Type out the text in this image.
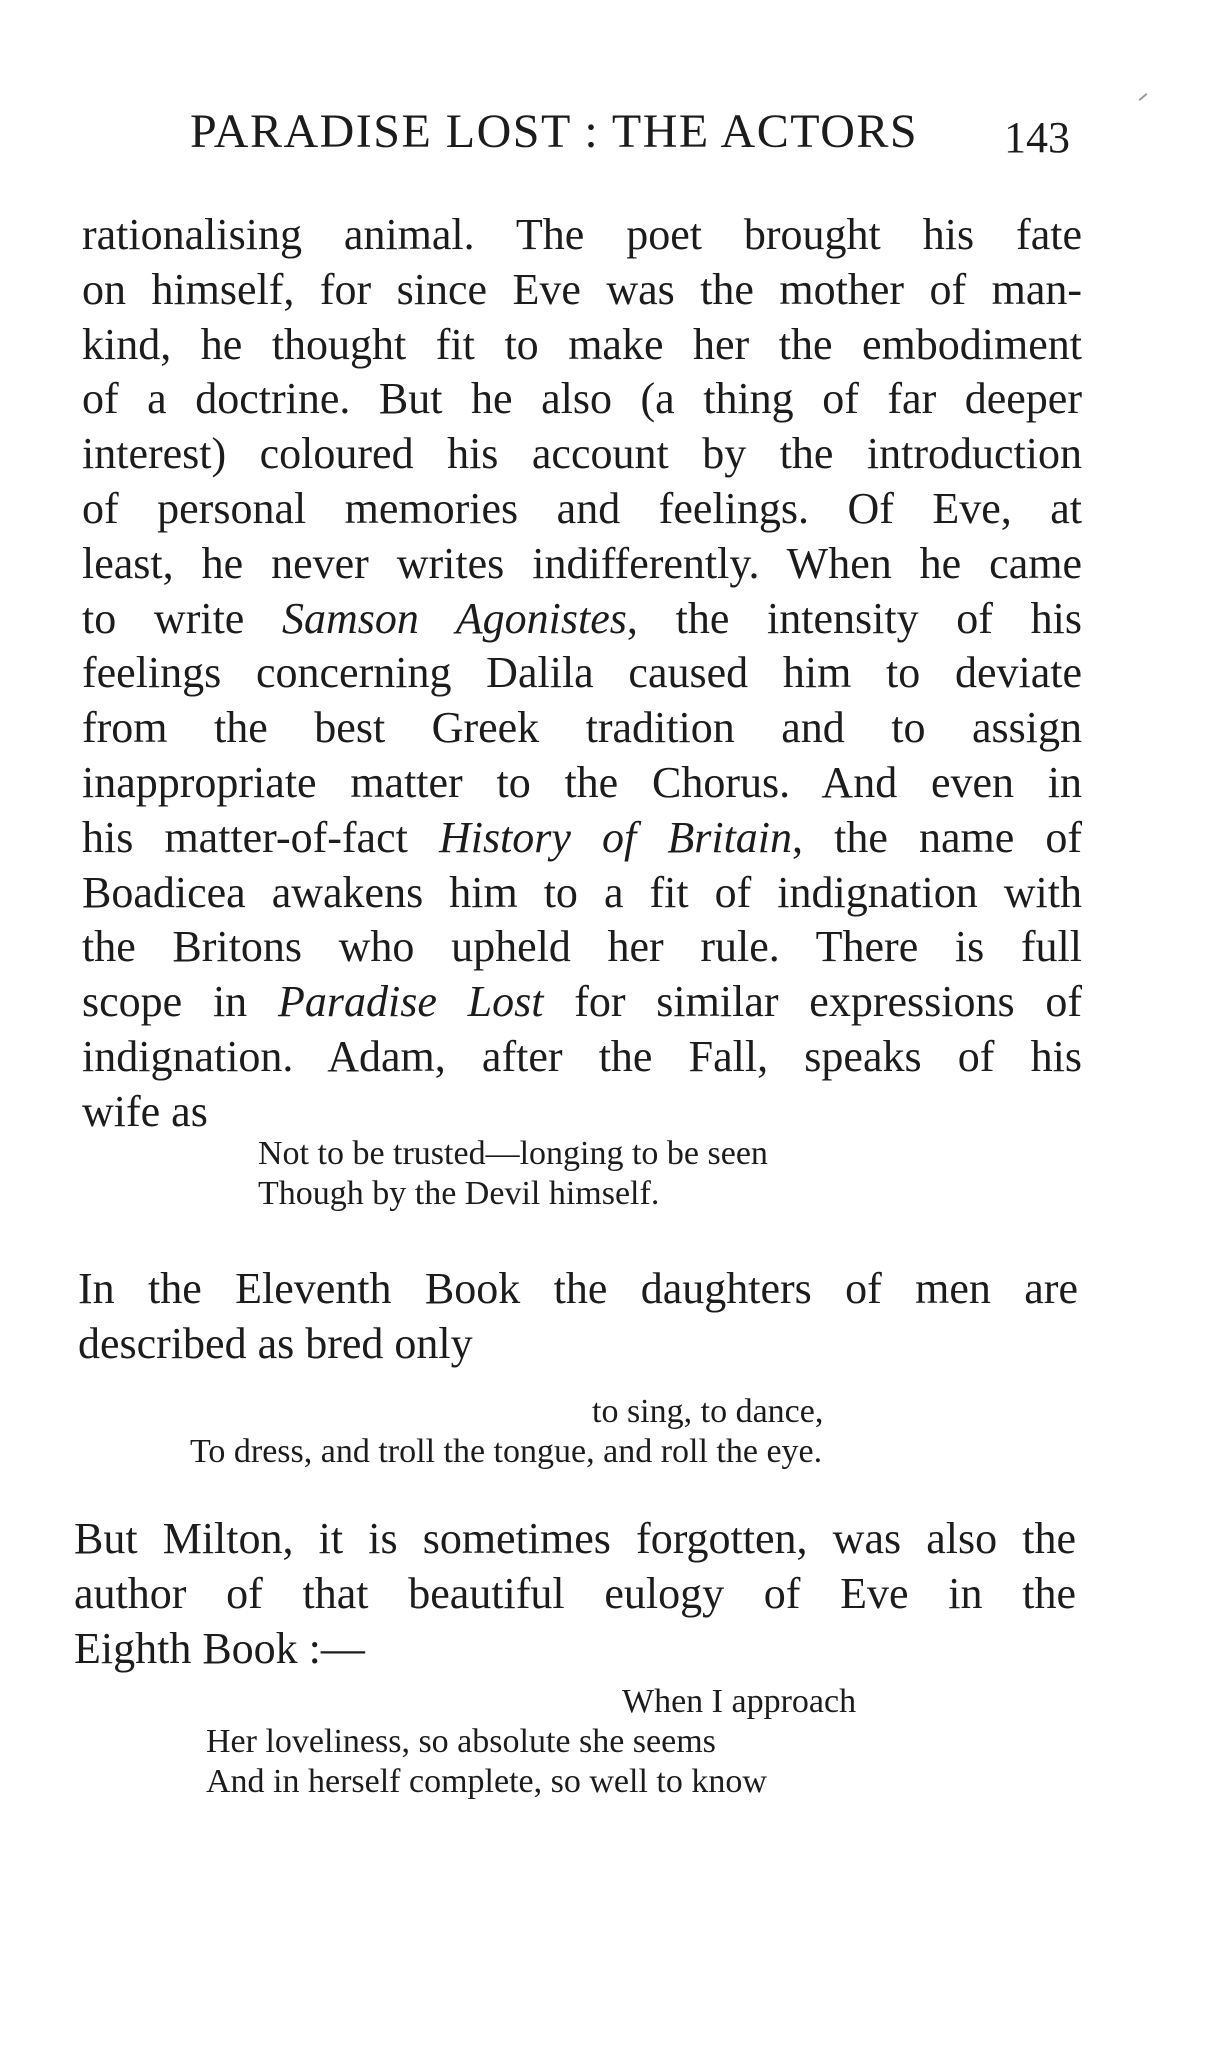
PARADISE LOST : THE ACTORS 143
rationalising animal. The poet brought his fate
on himself, for since Eve was the mother of man-
kind, he thought fit to make her the embodiment
of a doctrine. But he also (a thing of far deeper
interest) coloured his account by the introduction
of personal memories and feelings. Of Eve, at
least, he never writes indifferently. When he came
to write Samson Agonistes, the intensity of his
feelings concerning Dalila caused him to deviate
from the best Greek tradition and to assign
inappropriate matter to the Chorus. And even in
his matter-of-fact History of Britain, the name of
Boadicea awakens him to a fit of indignation with
the Britons who upheld her rule. There is full
scope in Paradise Lost for similar expressions of
indignation. Adam, after the Fall, speaks of his
wife as
Not to be trusted—longing to be seen
Though by the Devil himself.
In the Eleventh Book the daughters of men are
described as bred only
to sing, to dance,
To dress, and troll the tongue, and roll the eye.
But Milton, it is sometimes forgotten, was also the
author of that beautiful eulogy of Eve in the
Eighth Book :—
When I approach
Her loveliness, so absolute she seems
And in herself complete, so well to know
